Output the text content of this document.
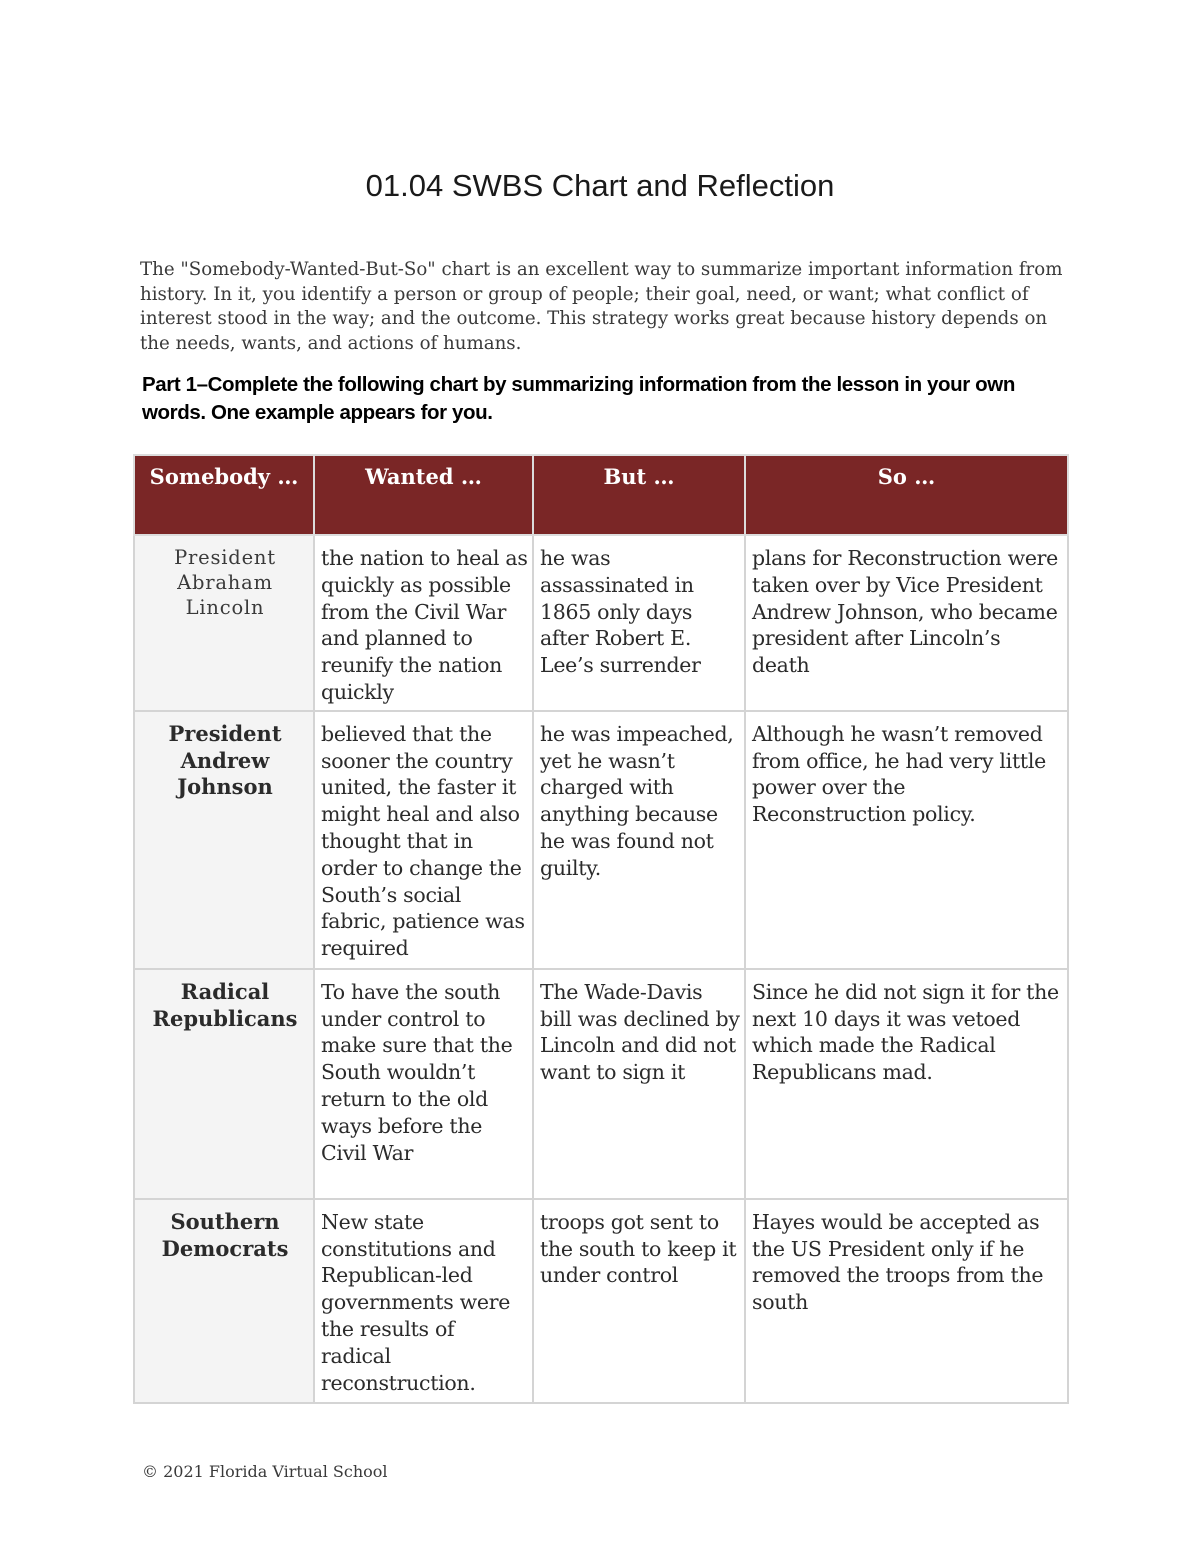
01.04 SWBS Chart and Reflection
The "Somebody-Wanted-But-So" chart is an excellent way to summarize important information from history. In it, you identify a person or group of people; their goal, need, or want; what conflict of interest stood in the way; and the outcome. This strategy works great because history depends on the needs, wants, and actions of humans.
Part 1–Complete the following chart by summarizing information from the lesson in your own words. One example appears for you.
Somebody …	Wanted …	But …	So …
President Abraham Lincoln	the nation to heal as quickly as possible from the Civil War and planned to reunify the nation quickly	he was assassinated in 1865 only days after Robert E. Lee’s surrender	plans for Reconstruction were taken over by Vice President Andrew Johnson, who became president after Lincoln’s death
President Andrew Johnson	believed that the sooner the country united, the faster it might heal and also thought that in order to change the South’s social fabric, patience was required	he was impeached, yet he wasn’t charged with anything because he was found not guilty.	Although he wasn’t removed from office, he had very little power over the Reconstruction policy.
Radical Republicans	To have the south under control to make sure that the South wouldn’t return to the old ways before the Civil War	The Wade-Davis bill was declined by Lincoln and did not want to sign it	Since he did not sign it for the next 10 days it was vetoed which made the Radical Republicans mad.
Southern Democrats	New state constitutions and Republican-led governments were the results of radical reconstruction.	troops got sent to the south to keep it under control	Hayes would be accepted as the US President only if he removed the troops from the south
© 2021 Florida Virtual School
